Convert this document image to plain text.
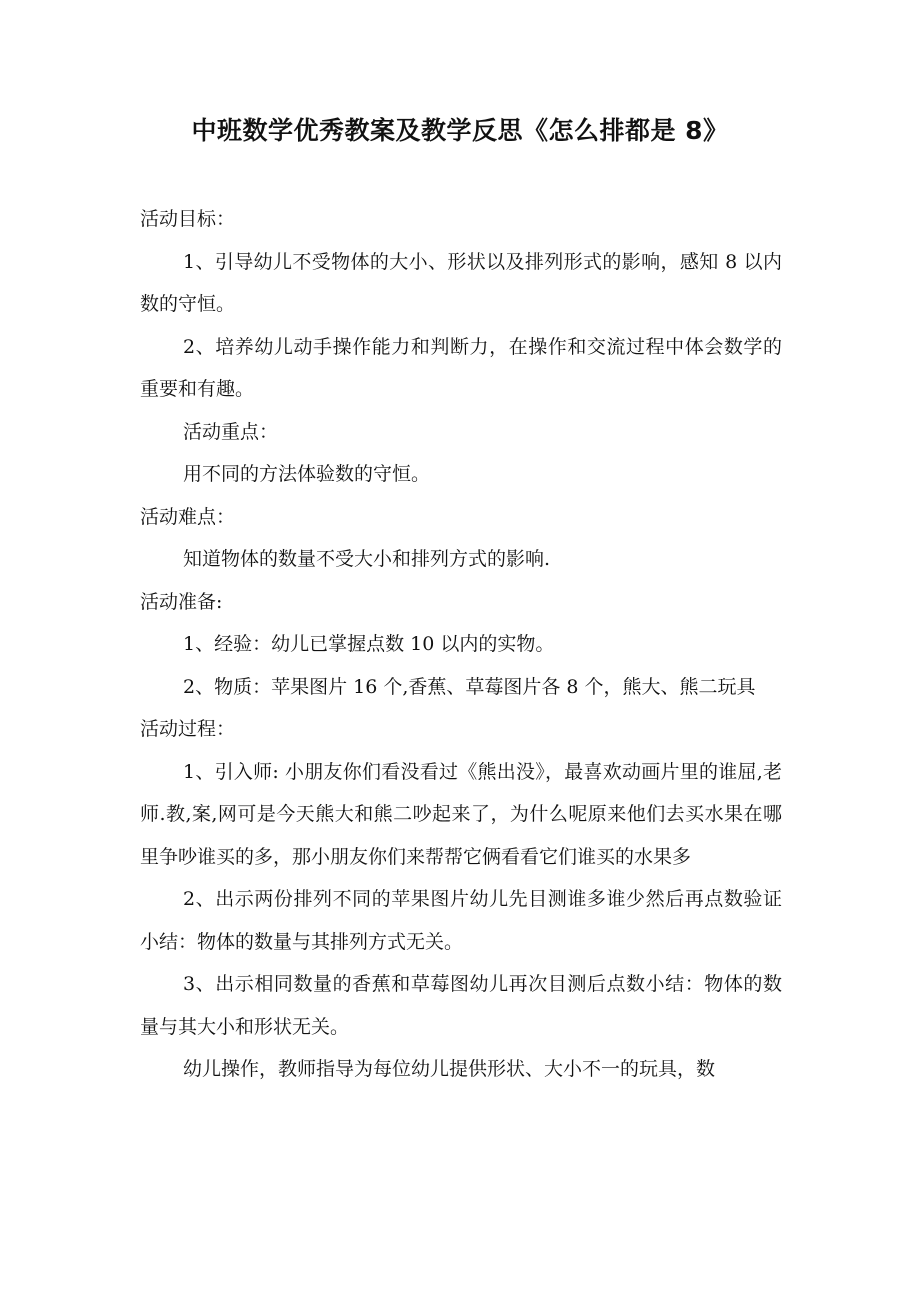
中班数学优秀教案及教学反思《怎么排都是 8》

活动目标：

1、引导幼儿不受物体的大小、形状以及排列形式的影响，感知 8 以内数的守恒。

2、培养幼儿动手操作能力和判断力，在操作和交流过程中体会数学的重要和有趣。

活动重点：

用不同的方法体验数的守恒。

活动难点：

知道物体的数量不受大小和排列方式的影响.

活动准备:

1、经验：幼儿已掌握点数 10 以内的实物。

2、物质：苹果图片 16 个,香蕉、草莓图片各 8 个，熊大、熊二玩具

活动过程：

1、引入师: 小朋友你们看没看过《熊出没》，最喜欢动画片里的谁屈,老师.教,案,网可是今天熊大和熊二吵起来了，为什么呢原来他们去买水果在哪里争吵谁买的多，那小朋友你们来帮帮它俩看看它们谁买的水果多

2、出示两份排列不同的苹果图片幼儿先目测谁多谁少然后再点数验证小结：物体的数量与其排列方式无关。

3、出示相同数量的香蕉和草莓图幼儿再次目测后点数小结：物体的数量与其大小和形状无关。

幼儿操作，教师指导为每位幼儿提供形状、大小不一的玩具，数
